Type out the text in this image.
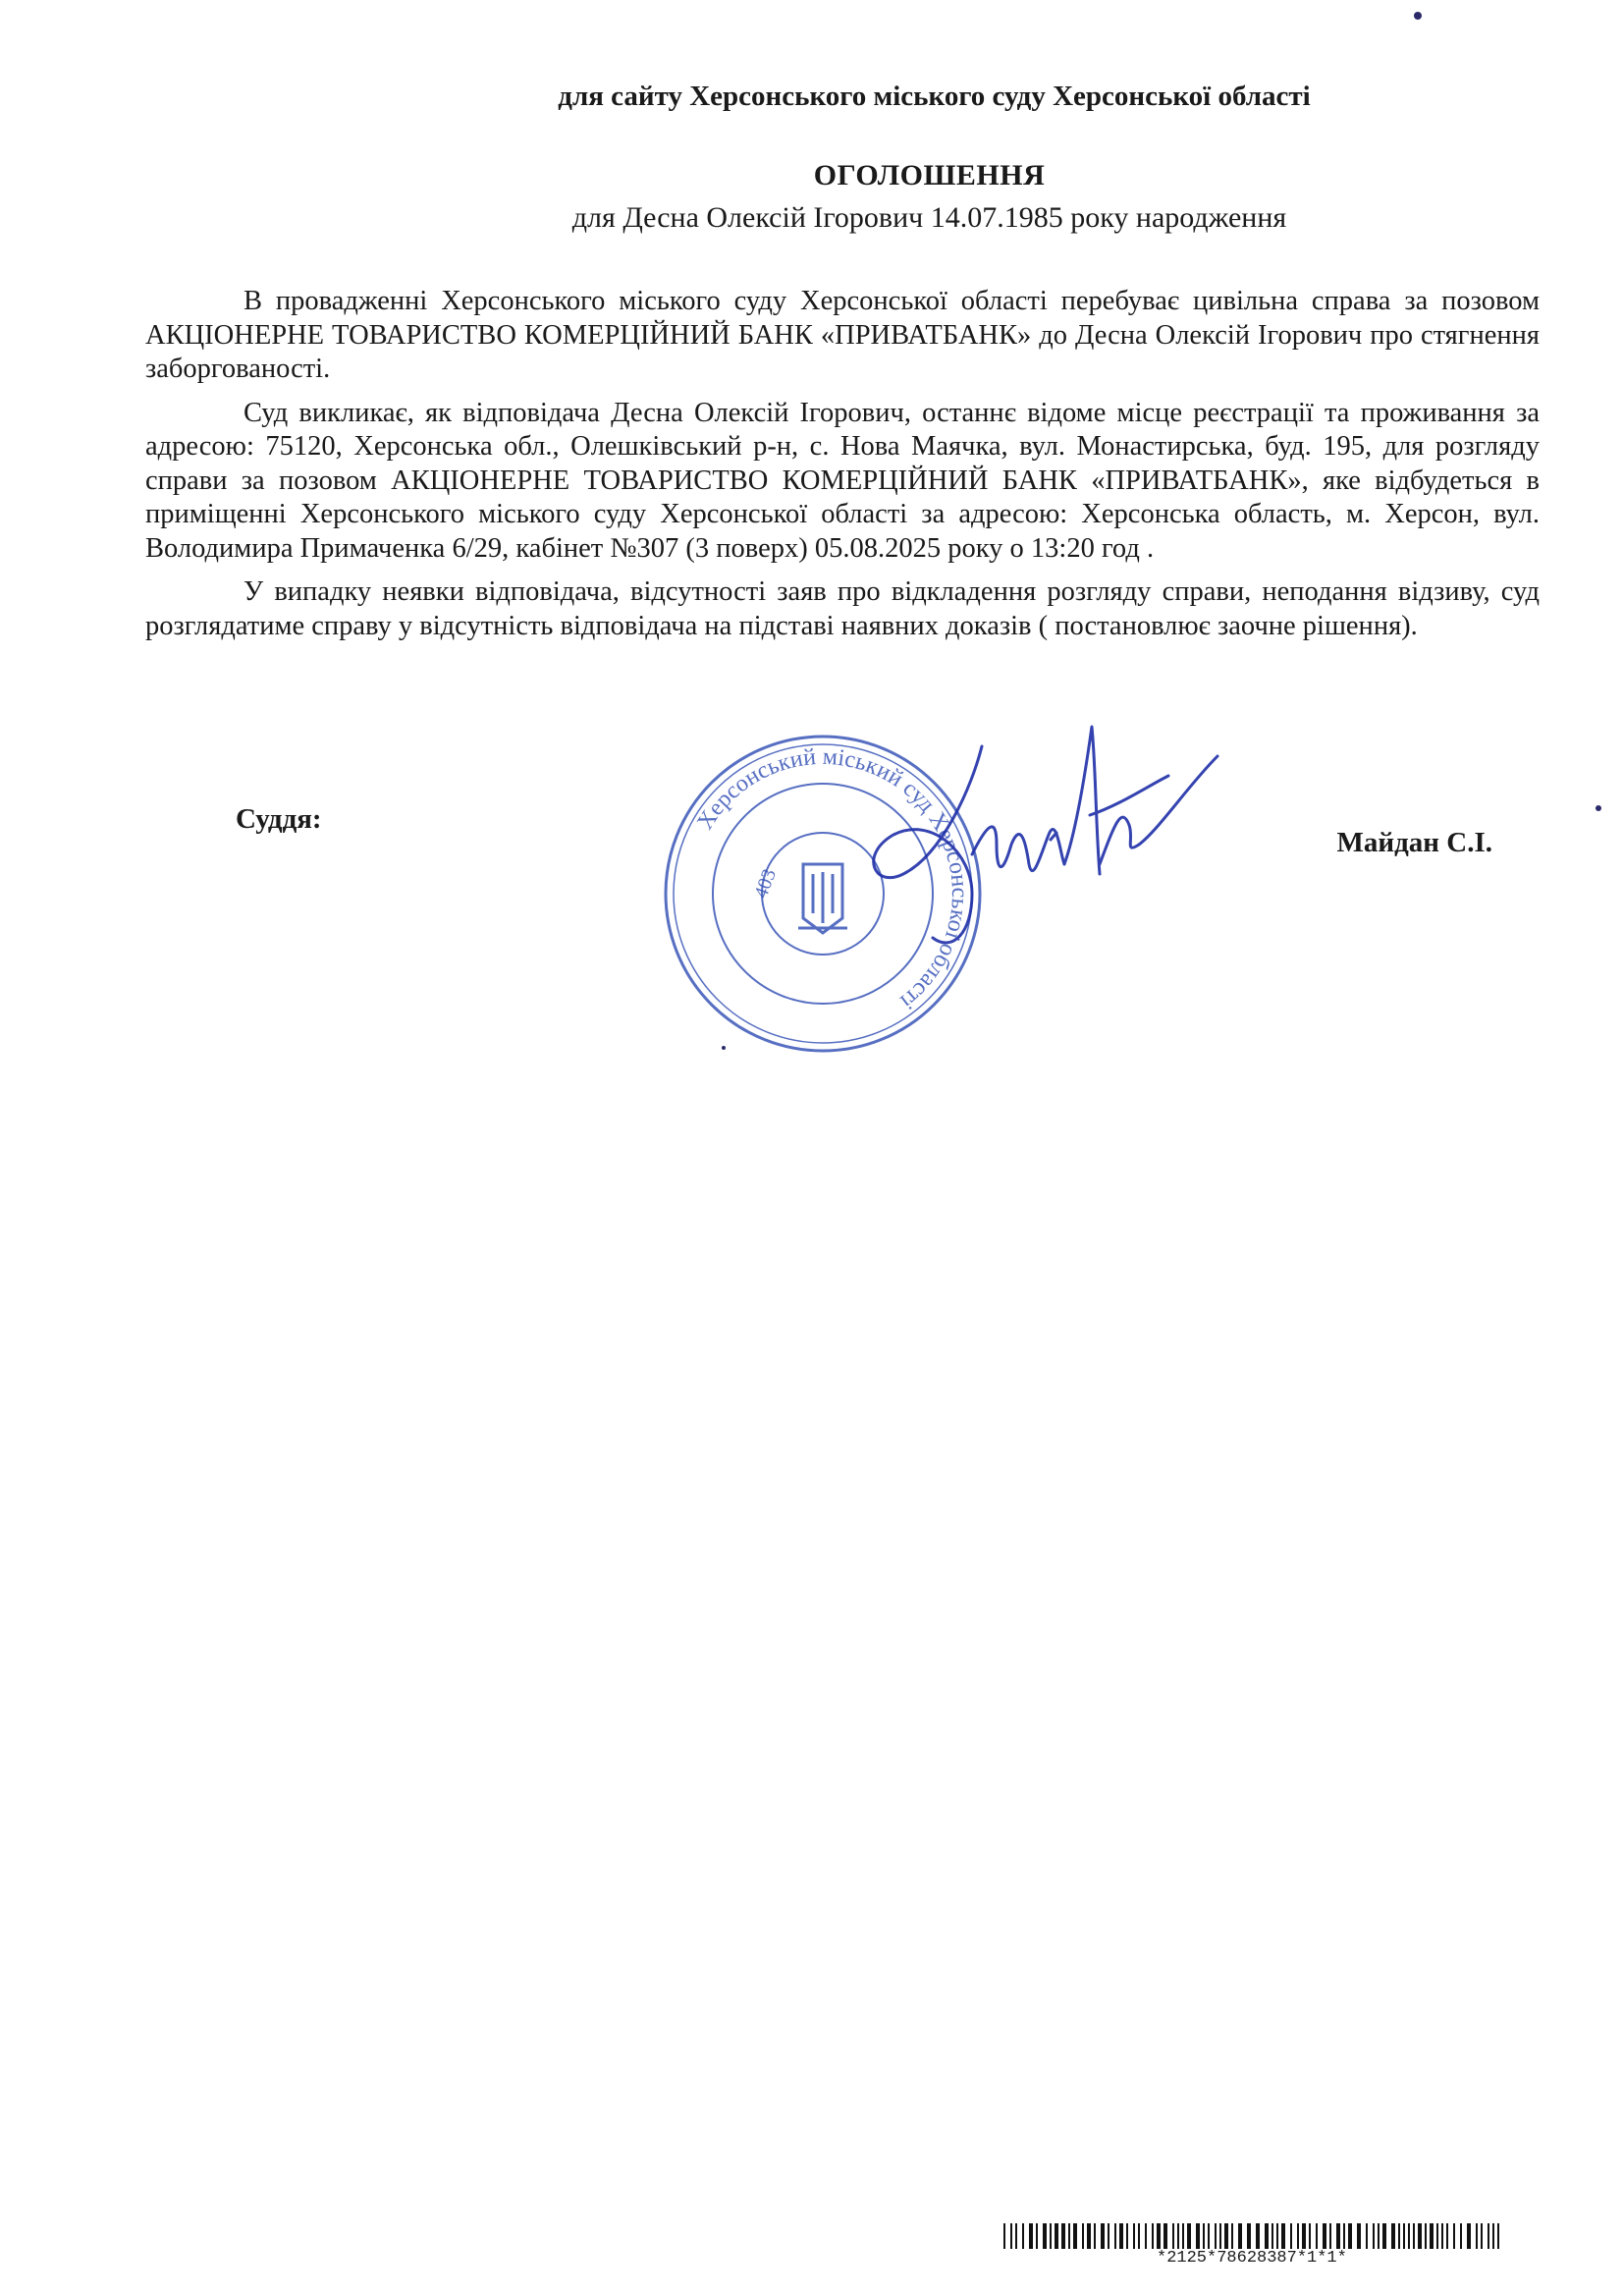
для сайту Херсонського міського суду Херсонської області
ОГОЛОШЕННЯ
для Десна Олексій Ігорович 14.07.1985 року народження

В провадженні Херсонського міського суду Херсонської області перебуває цивільна справа за позовом АКЦІОНЕРНЕ ТОВАРИСТВО КОМЕРЦІЙНИЙ БАНК «ПРИВАТБАНК» до Десна Олексій Ігорович про стягнення заборгованості.

Суд викликає, як відповідача Десна Олексій Ігорович, останнє відоме місце реєстрації та проживання за адресою: 75120, Херсонська обл., Олешківський р-н, с. Нова Маячка, вул. Монастирська, буд. 195, для розгляду справи за позовом АКЦІОНЕРНЕ ТОВАРИСТВО КОМЕРЦІЙНИЙ БАНК «ПРИВАТБАНК», яке відбудеться в приміщенні Херсонського міського суду Херсонської області за адресою: Херсонська область, м. Херсон, вул. Володимира Примаченка 6/29, кабінет №307 (3 поверх) 05.08.2025 року о 13:20 год .

У випадку неявки відповідача, відсутності заяв про відкладення розгляду справи, неподання відзиву, суд розглядатиме справу у відсутність відповідача на підставі наявних доказів ( постановлює заочне рішення).

Херсонський міський суд Херсонської області
403
Суддя:
Майдан С.І.
*2125*78628387*1*1*
